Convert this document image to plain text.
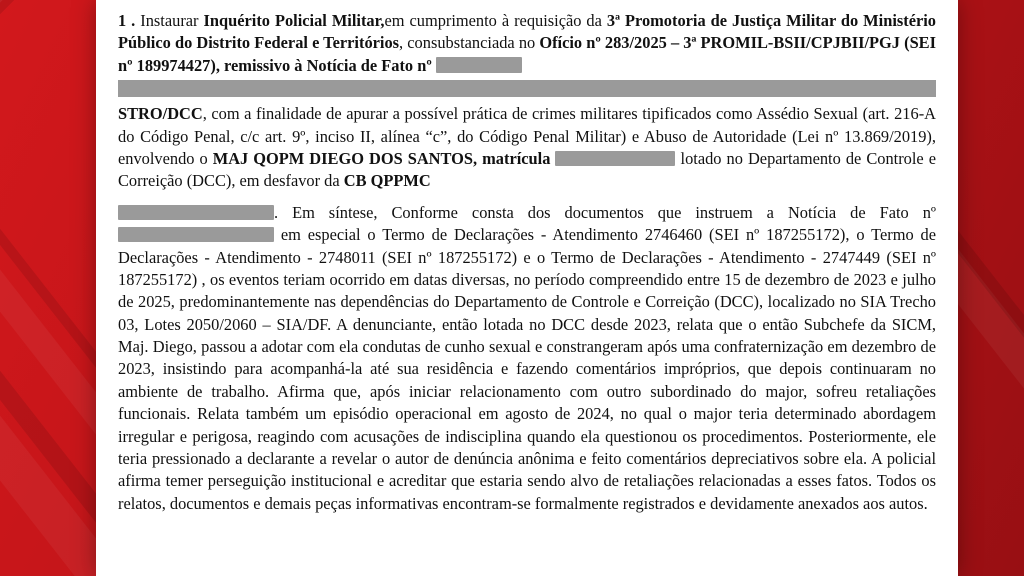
1 . Instaurar Inquérito Policial Militar,em cumprimento à requisição da 3ª Promotoria de Justiça Militar do Ministério Público do Distrito Federal e Territórios, consubstanciada no Ofício nº 283/2025 – 3ª PROMIL-BSII/CPJBII/PGJ (SEI nº 189974427), remissivo à Notícia de Fato nº

STRO/DCC, com a finalidade de apurar a possível prática de crimes militares tipificados como Assédio Sexual (art. 216-A do Código Penal, c/c art. 9º, inciso II, alínea “c”, do Código Penal Militar) e Abuso de Autoridade (Lei nº 13.869/2019), envolvendo o MAJ QOPM DIEGO DOS SANTOS, matrícula	lotado no Departamento de Controle e Correição (DCC), em desfavor da CB QPPMC

. Em síntese, Conforme consta dos documentos que instruem a Notícia de Fato nº  em especial o Termo de Declarações - Atendimento 2746460 (SEI nº 187255172), o Termo de Declarações - Atendimento - 2748011 (SEI nº 187255172) e o Termo de Declarações - Atendimento - 2747449 (SEI nº 187255172) , os eventos teriam ocorrido em datas diversas, no período compreendido entre 15 de dezembro de 2023 e julho de 2025, predominantemente nas dependências do Departamento de Controle e Correição (DCC), localizado no SIA Trecho 03, Lotes 2050/2060 – SIA/DF. A denunciante, então lotada no DCC desde 2023, relata que o então Subchefe da SICM, Maj. Diego, passou a adotar com ela condutas de cunho sexual e constrangeram após uma confraternização em dezembro de 2023, insistindo para acompanhá-la até sua residência e fazendo comentários impróprios, que depois continuaram no ambiente de trabalho. Afirma que, após iniciar relacionamento com outro subordinado do major, sofreu retaliações funcionais. Relata também um episódio operacional em agosto de 2024, no qual o major teria determinado abordagem irregular e perigosa, reagindo com acusações de indisciplina quando ela questionou os procedimentos. Posteriormente, ele teria pressionado a declarante a revelar o autor de denúncia anônima e feito comentários depreciativos sobre ela. A policial afirma temer perseguição institucional e acreditar que estaria sendo alvo de retaliações relacionadas a esses fatos. Todos os relatos, documentos e demais peças informativas encontram-se formalmente registrados e devidamente anexados aos autos.
